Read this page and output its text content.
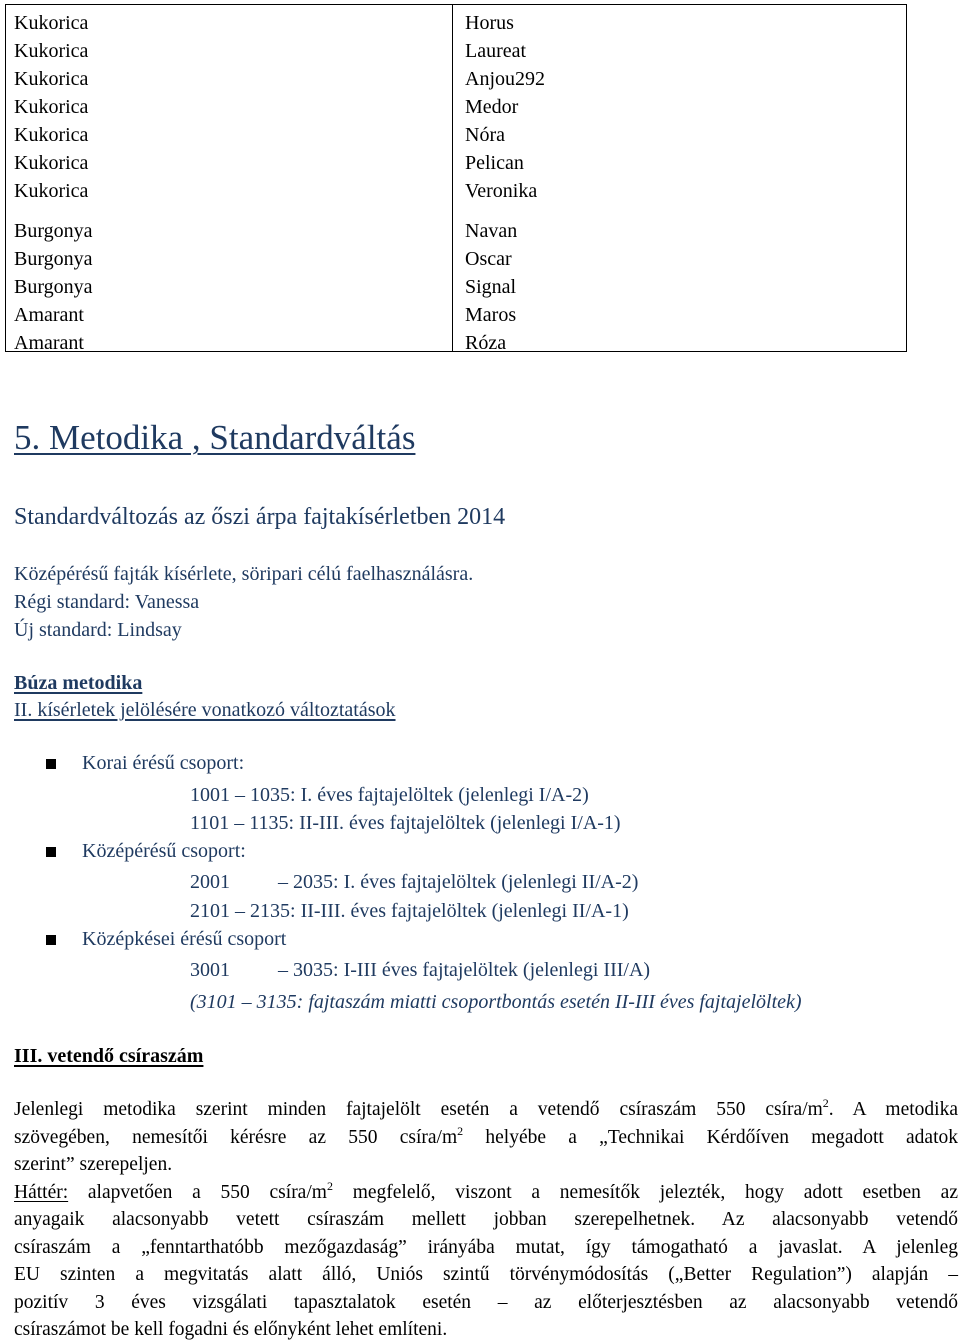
Kukorica
Kukorica
Kukorica
Kukorica
Kukorica
Kukorica
Kukorica
Burgonya
Burgonya
Burgonya
Amarant
Amarant
Horus
Laureat
Anjou292
Medor
Nóra
Pelican
Veronika
Navan
Oscar
Signal
Maros
Róza
5. Metodika , Standardváltás
Standardváltozás az őszi árpa fajtakísérletben 2014
Középérésű fajták kísérlete, söripari célú faelhasználásra.
Régi standard: Vanessa
Új standard: Lindsay
Búza metodika
II. kísérletek jelölésére vonatkozó változtatások
Korai érésű csoport:
1001 – 1035: I. éves fajtajelöltek (jelenlegi I/A-2)
1101 – 1135: II-III. éves fajtajelöltek (jelenlegi I/A-1)
Középérésű csoport:
2001 – 2035: I. éves fajtajelöltek (jelenlegi II/A-2)
2101 – 2135: II-III. éves fajtajelöltek (jelenlegi II/A-1)
Középkései érésű csoport
3001 – 3035: I-III éves fajtajelöltek (jelenlegi III/A)
(3101 – 3135: fajtaszám miatti csoportbontás esetén II-III éves fajtajelöltek)
III. vetendő csíraszám
Jelenlegi metodika szerint minden fajtajelölt esetén a vetendő csíraszám 550 csíra/$m^2$. A metodika
szövegében, nemesítői kérésre az 550 csíra/$m^2$ helyébe a „Technikai Kérdőíven megadott adatok
szerint” szerepeljen.
Háttér: alapvetően a 550 csíra/$m^2$ megfelelő, viszont a nemesítők jelezték, hogy adott esetben az
anyagaik alacsonyabb vetett csíraszám mellett jobban szerepelhetnek. Az alacsonyabb vetendő
csíraszám a „fenntarthatóbb mezőgazdaság” irányába mutat, így támogatható a javaslat. A jelenleg
EU szinten a megvitatás alatt álló, Uniós szintű törvénymódosítás („Better Regulation”) alapján –
pozitív 3 éves vizsgálati tapasztalatok esetén – az előterjesztésben az alacsonyabb vetendő
csíraszámot be kell fogadni és előnyként lehet említeni.
